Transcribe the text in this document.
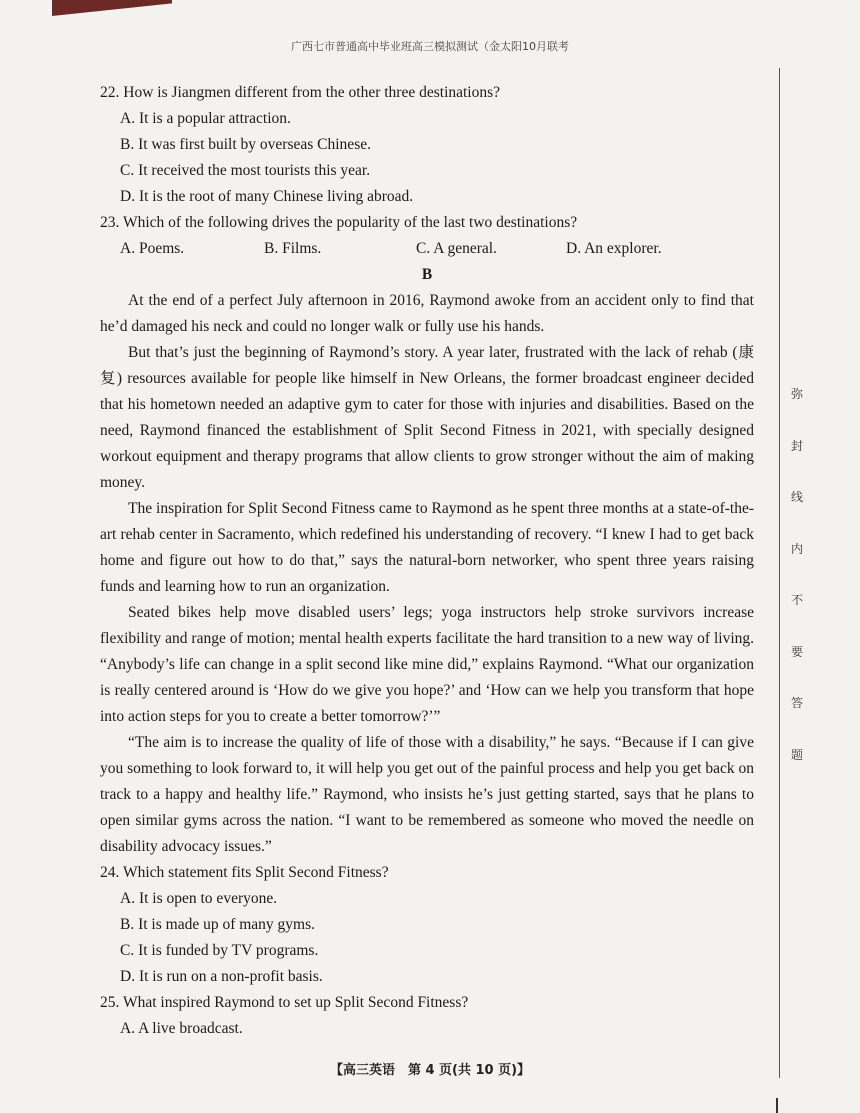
广西七市普通高中毕业班高三模拟测试（金太阳10月联考
弥
封
线
内
不
要
答
题

22. How is Jiangmen different from the other three destinations?

A. It is a popular attraction.

B. It was first built by overseas Chinese.

C. It received the most tourists this year.

D. It is the root of many Chinese living abroad.

23. Which of the following drives the popularity of the last two destinations?

A. Poems.	B. Films.	C. A general.	D. An explorer.

B

At the end of a perfect July afternoon in 2016, Raymond awoke from an accident only to find that he’d damaged his neck and could no longer walk or fully use his hands.

But that’s just the beginning of Raymond’s story. A year later, frustrated with the lack of rehab (康复) resources available for people like himself in New Orleans, the former broadcast engineer decided that his hometown needed an adaptive gym to cater for those with injuries and disabilities. Based on the need, Raymond financed the establishment of Split Second Fitness in 2021, with specially designed workout equipment and therapy programs that allow clients to grow stronger without the aim of making money.

The inspiration for Split Second Fitness came to Raymond as he spent three months at a state-of-the-art rehab center in Sacramento, which redefined his understanding of recovery. “I knew I had to get back home and figure out how to do that,” says the natural-born networker, who spent three years raising funds and learning how to run an organization.

Seated bikes help move disabled users’ legs; yoga instructors help stroke survivors increase flexibility and range of motion; mental health experts facilitate the hard transition to a new way of living. “Anybody’s life can change in a split second like mine did,” explains Raymond. “What our organization is really centered around is ‘How do we give you hope?’ and ‘How can we help you transform that hope into action steps for you to create a better tomorrow?’”

“The aim is to increase the quality of life of those with a disability,” he says. “Because if I can give you something to look forward to, it will help you get out of the painful process and help you get back on track to a happy and healthy life.” Raymond, who insists he’s just getting started, says that he plans to open similar gyms across the nation. “I want to be remembered as someone who moved the needle on disability advocacy issues.”

24. Which statement fits Split Second Fitness?

A. It is open to everyone.

B. It is made up of many gyms.

C. It is funded by TV programs.

D. It is run on a non-profit basis.

25. What inspired Raymond to set up Split Second Fitness?

A. A live broadcast.

【高三英语　第 4 页(共 10 页)】
